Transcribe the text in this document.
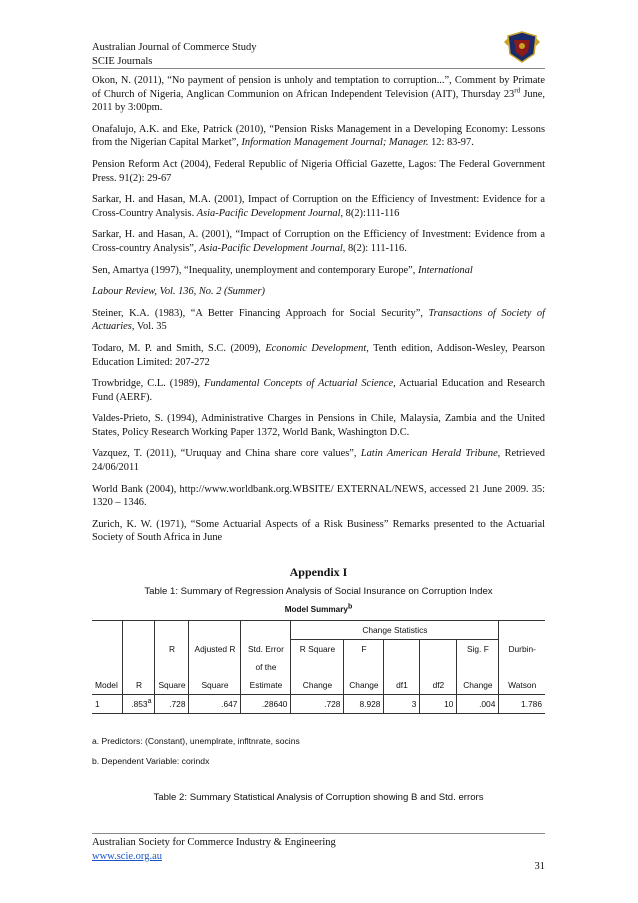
Australian Journal of Commerce Study
SCIE Journals

Okon, N. (2011), “No payment of pension is unholy and temptation to corruption...”, Comment by Primate of Church of Nigeria, Anglican Communion on African Independent Television (AIT), Thursday 23rd June, 2011 by 3:00pm.

Onafalujo, A.K. and Eke, Patrick (2010), “Pension Risks Management in a Developing Economy: Lessons from the Nigerian Capital Market”, Information Management Journal; Manager. 12: 83-97.

Pension Reform Act (2004), Federal Republic of Nigeria Official Gazette, Lagos: The Federal Government Press. 91(2): 29-67

Sarkar, H. and Hasan, M.A. (2001), Impact of Corruption on the Efficiency of Investment: Evidence for a Cross-Country Analysis. Asia-Pacific Development Journal, 8(2):111-116

Sarkar, H. and Hasan, A. (2001), “Impact of Corruption on the Efficiency of Investment: Evidence from a Cross-country Analysis”, Asia-Pacific Development Journal, 8(2): 111-116.

Sen, Amartya (1997), “Inequality, unemployment and contemporary Europe”, International

Labour Review, Vol. 136, No. 2 (Summer)

Steiner, K.A. (1983), “A Better Financing Approach for Social Security”, Transactions of Society of Actuaries, Vol. 35

Todaro, M. P. and Smith, S.C. (2009), Economic Development, Tenth edition, Addison-Wesley, Pearson Education Limited: 207-272

Trowbridge, C.L. (1989), Fundamental Concepts of Actuarial Science, Actuarial Education and Research Fund (AERF).

Valdes-Prieto, S. (1994), Administrative Charges in Pensions in Chile, Malaysia, Zambia and the United States, Policy Research Working Paper 1372, World Bank, Washington D.C.

Vazquez, T. (2011), “Uruquay and China share core values”, Latin American Herald Tribune, Retrieved 24/06/2011

World Bank (2004), http://www.worldbank.org.WBSITE/ EXTERNAL/NEWS, accessed 21 June 2009. 35: 1320 – 1346.

Zurich, K. W. (1971), “Some Actuarial Aspects of a Risk Business” Remarks presented to the Actuarial Society of South Africa in June

Appendix I
Table 1: Summary of Regression Analysis of Social Insurance on Corruption Index
Model Summary$^b$
					Change Statistics					
		R	Adjusted R	Std. Error	R Square	F			Sig. F	Durbin-
				of the						
Model	R	Square	Square	Estimate	Change	Change	df1	df2	Change	Watson
1	.853$^a$	.728	.647	.28640	.728	8.928	3	10	.004	1.786
a. Predictors: (Constant), unemplrate, infltnrate, socins
b. Dependent Variable: corindx
Table 2: Summary Statistical Analysis of Corruption showing B and Std. errors
Australian Society for Commerce Industry & Engineering
www.scie.org.au
31
